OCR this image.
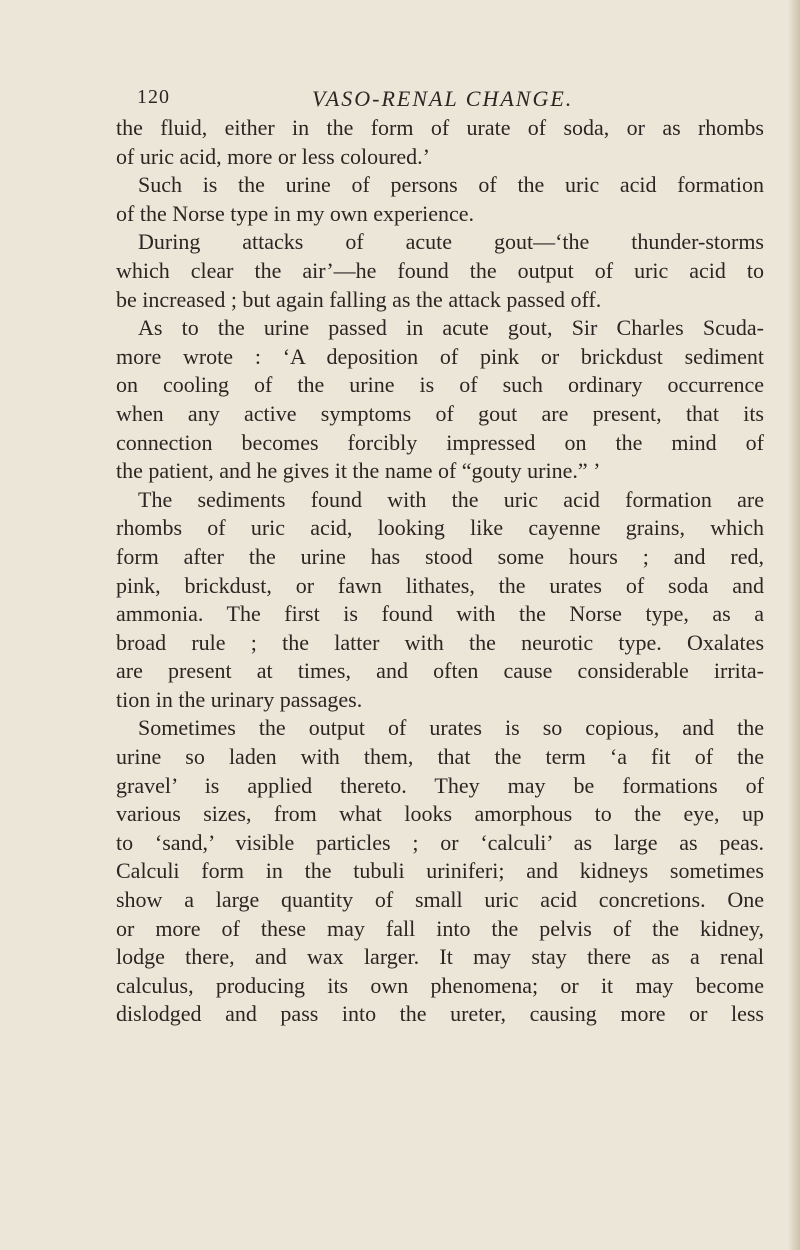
120	VASO-RENAL CHANGE.
the fluid, either in the form of urate of soda, or as rhombs
of uric acid, more or less coloured.’
Such is the urine of persons of the uric acid formation
of the Norse type in my own experience.
During attacks of acute gout—‘the thunder-storms
which clear the air’—he found the output of uric acid to
be increased ; but again falling as the attack passed off.
As to the urine passed in acute gout, Sir Charles Scuda-
more wrote : ‘A deposition of pink or brickdust sediment
on cooling of the urine is of such ordinary occurrence
when any active symptoms of gout are present, that its
connection becomes forcibly impressed on the mind of
the patient, and he gives it the name of “gouty urine.” ’
The sediments found with the uric acid formation are
rhombs of uric acid, looking like cayenne grains, which
form after the urine has stood some hours ; and red,
pink, brickdust, or fawn lithates, the urates of soda and
ammonia. The first is found with the Norse type, as a
broad rule ; the latter with the neurotic type. Oxalates
are present at times, and often cause considerable irrita-
tion in the urinary passages.
Sometimes the output of urates is so copious, and the
urine so laden with them, that the term ‘a fit of the
gravel’ is applied thereto. They may be formations of
various sizes, from what looks amorphous to the eye, up
to ‘sand,’ visible particles ; or ‘calculi’ as large as peas.
Calculi form in the tubuli uriniferi; and kidneys sometimes
show a large quantity of small uric acid concretions. One
or more of these may fall into the pelvis of the kidney,
lodge there, and wax larger. It may stay there as a renal
calculus, producing its own phenomena; or it may become
dislodged and pass into the ureter, causing more or less
